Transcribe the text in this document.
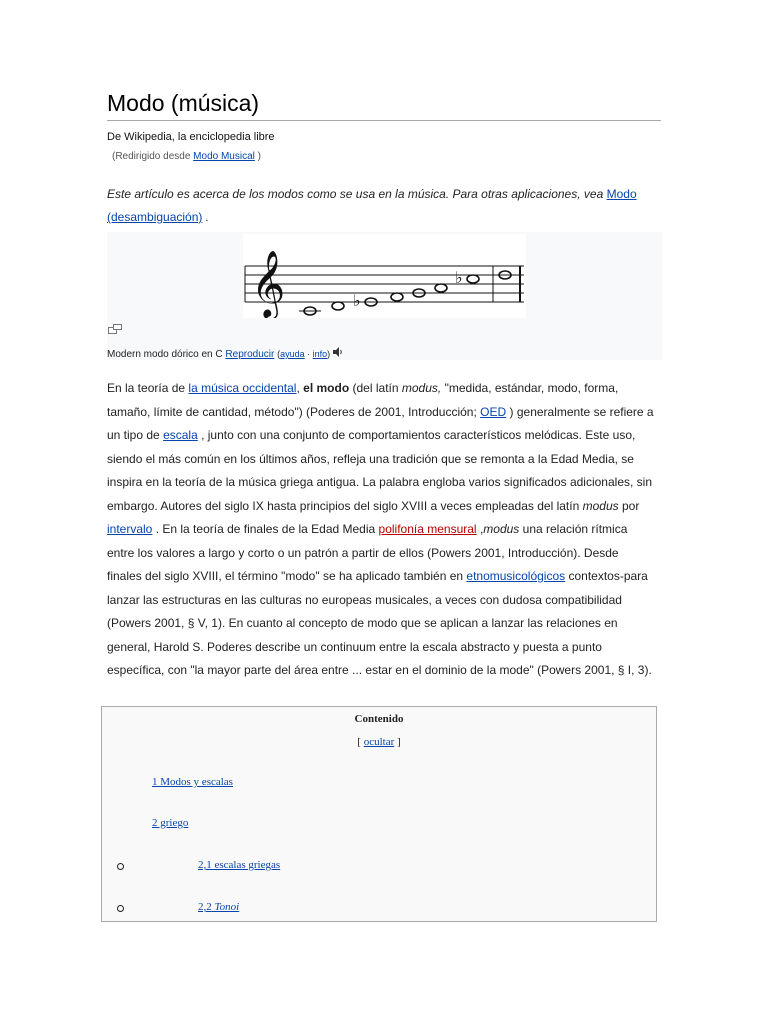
Modo (música)
De Wikipedia, la enciclopedia libre
(Redirigido desde Modo Musical )
Este artículo es acerca de los modos como se usa en la música. Para otras aplicaciones, vea Modo (desambiguación) .
𝄞	♭
♭
Modern modo dórico en C Reproducir (ayuda · info)
En la teoría de la música occidental, el modo (del latín modus, "medida, estándar, modo, forma, tamaño, límite de cantidad, método") (Poderes de 2001, Introducción; OED ) generalmente se refiere a un tipo de escala , junto con una conjunto de comportamientos característicos melódicas. Este uso, siendo el más común en los últimos años, refleja una tradición que se remonta a la Edad Media, se inspira en la teoría de la música griega antigua. La palabra engloba varios significados adicionales, sin embargo. Autores del siglo IX hasta principios del siglo XVIII a veces empleadas del latín modus por intervalo . En la teoría de finales de la Edad Media polifonía mensural ,modus una relación rítmica entre los valores a largo y corto o un patrón a partir de ellos (Powers 2001, Introducción). Desde finales del siglo XVIII, el término "modo" se ha aplicado también en etnomusicológicos contextos-para lanzar las estructuras en las culturas no europeas musicales, a veces con dudosa compatibilidad (Powers 2001, § V, 1). En cuanto al concepto de modo que se aplican a lanzar las relaciones en general, Harold S. Poderes describe un continuum entre la escala abstracto y puesta a punto específica, con "la mayor parte del área entre ... estar en el dominio de la mode" (Powers 2001, § I, 3).
Contenido
[ ocultar ]
1 Modos y escalas
2 griego
2,1 escalas griegas
2,2 Tonoi
